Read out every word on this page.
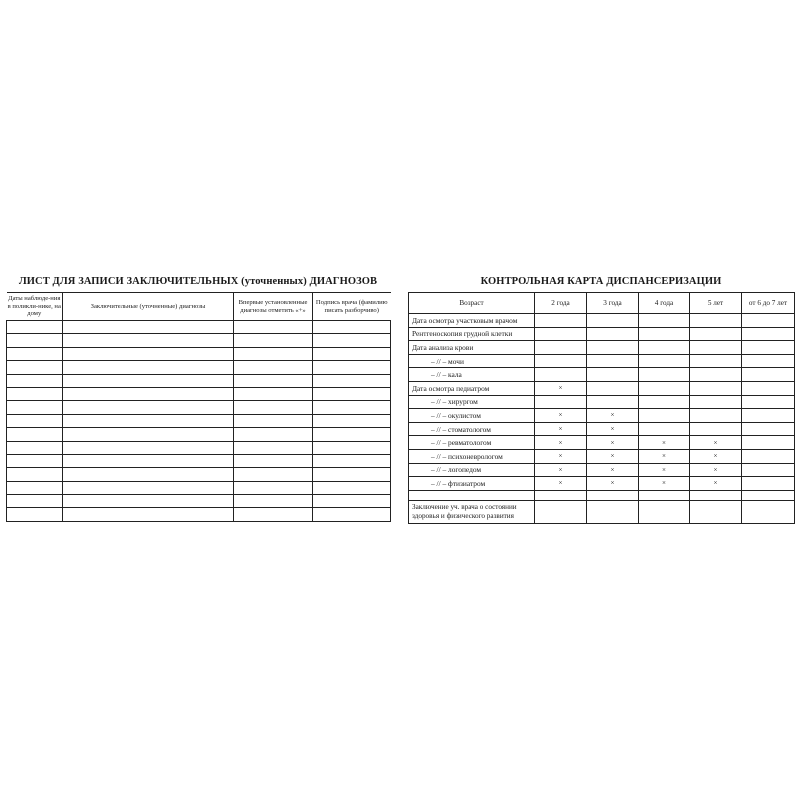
ЛИСТ ДЛЯ ЗАПИСИ ЗАКЛЮЧИТЕЛЬНЫХ (уточненных) ДИАГНОЗОВ
Даты наблюде-ния в поликли-нике, на дому	Заключительные (уточненные) диагнозы	Впервые установленные диагнозы отметить «+»	Подпись врача (фамилию писать разборчиво)

КОНТРОЛЬНАЯ КАРТА ДИСПАНСЕРИЗАЦИИ
Возраст	2 года	3 года	4 года	5 лет	от 6 до 7 лет
Дата осмотра участковым врачом					
Рентгеноскопия грудной клетки					
Дата анализа крови					
– // – мочи					
– // – кала					
Дата осмотра педиатром	×				
– // – хирургом					
– // – окулистом	×	×			
– // – стоматологом	×	×			
– // – ревматологом	×	×	×	×	
– // – психоневрологом	×	×	×	×	
– // – логопедом	×	×	×	×	
– // – фтизиатром	×	×	×	×	

Заключение уч. врача о состоянии здоровья и физического развития					
